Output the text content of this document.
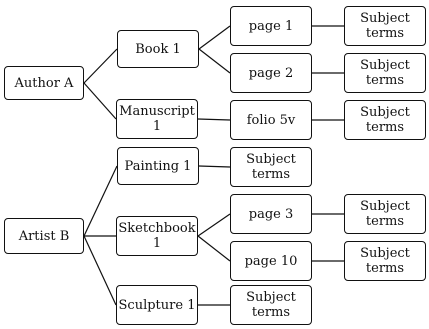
Author A
Book 1
Manuscript
1
page 1
page 2
folio 5v
Subject
terms
Subject
terms
Subject
terms
Artist B
Painting 1
Sketchbook
1
Sculpture 1
Subject
terms
page 3
page 10
Subject
terms
Subject
terms
Subject
terms
